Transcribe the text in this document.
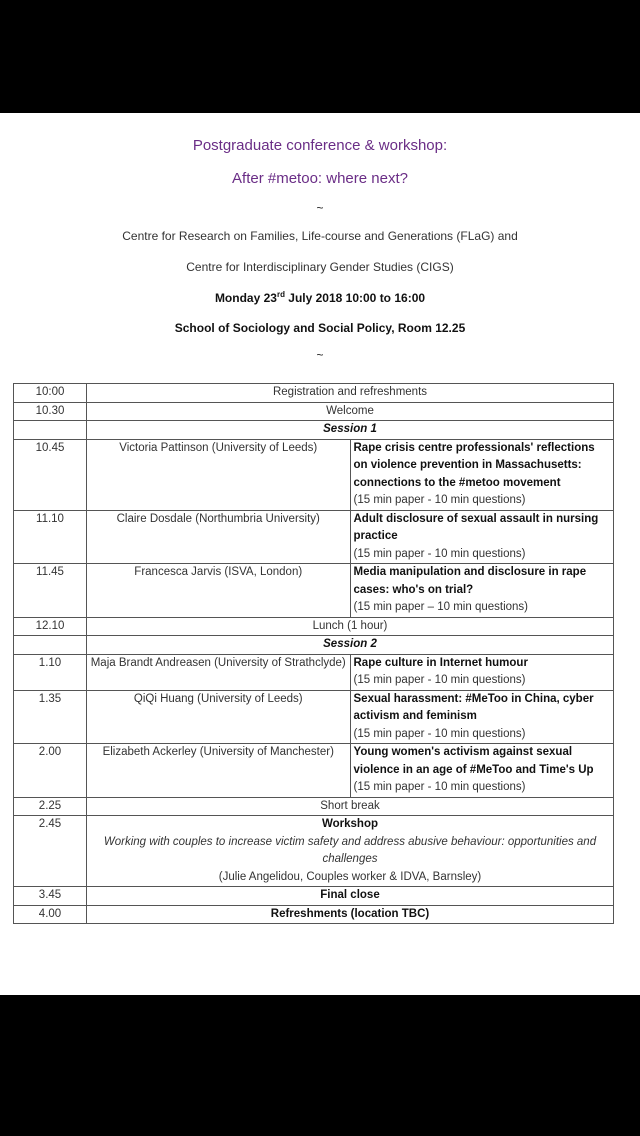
Postgraduate conference & workshop:
After #metoo: where next?
~
Centre for Research on Families, Life-course and Generations (FLaG) and
Centre for Interdisciplinary Gender Studies (CIGS)
Monday 23rd July 2018 10:00 to 16:00
School of Sociology and Social Policy, Room 12.25
~
10:00	Registration and refreshments	
10.30	Welcome	
	Session 1	
10.45	Victoria Pattinson (University of Leeds)	Rape crisis centre professionals' reflections on violence prevention in Massachusetts: connections to the #metoo movement
(15 min paper - 10 min questions)

11.10	Claire Dosdale (Northumbria University)	Adult disclosure of sexual assault in nursing practice
(15 min paper - 10 min questions)

11.45	Francesca Jarvis (ISVA, London)	Media manipulation and disclosure in rape cases: who's on trial?
(15 min paper – 10 min questions)

12.10	Lunch (1 hour)	
	Session 2	
1.10	Maja Brandt Andreasen (University of Strathclyde)	Rape culture in Internet humour
(15 min paper - 10 min questions)

1.35	QiQi Huang (University of Leeds)	Sexual harassment: #MeToo in China, cyber activism and feminism
(15 min paper - 10 min questions)

2.00	Elizabeth Ackerley (University of Manchester)	Young women's activism against sexual violence in an age of #MeToo and Time's Up
(15 min paper - 10 min questions)

2.25	Short break	
2.45	Workshop
Working with couples to increase victim safety and address abusive behaviour: opportunities and challenges
(Julie Angelidou, Couples worker & IDVA, Barnsley)	

3.45	Final close	
4.00	Refreshments (location TBC)	
